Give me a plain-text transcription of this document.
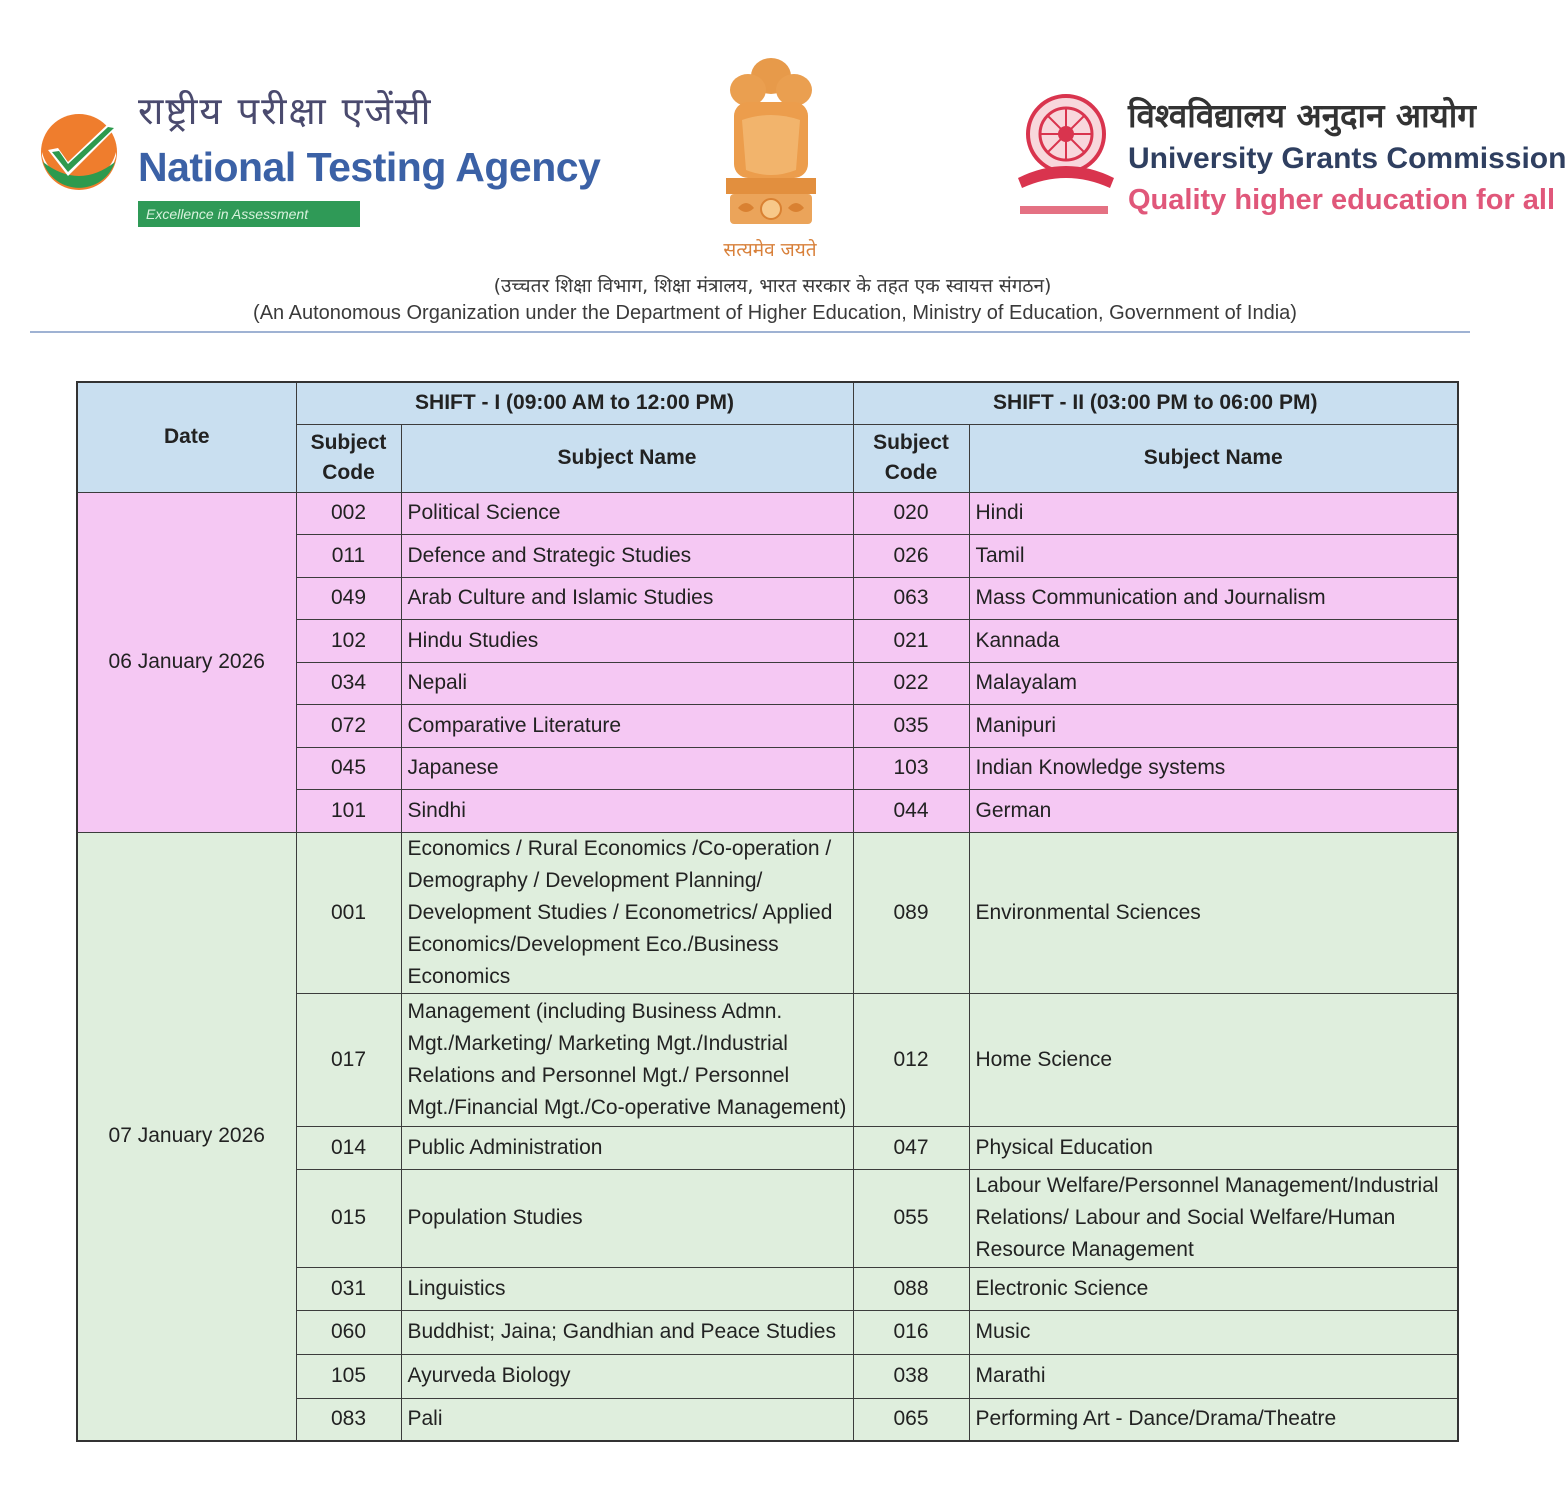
राष्ट्रीय परीक्षा एजेंसी
National Testing Agency
Excellence in Assessment
सत्यमेव जयते
विश्वविद्यालय अनुदान आयोग
University Grants Commission
Quality higher education for all
(उच्चतर शिक्षा विभाग, शिक्षा मंत्रालय, भारत सरकार के तहत एक स्वायत्त संगठन)
(An Autonomous Organization under the Department of Higher Education, Ministry of Education, Government of India)
Date	SHIFT - I (09:00 AM to 12:00 PM)		SHIFT - II (03:00 PM to 06:00 PM)	
	Subject Code	Subject Name	Subject Code	Subject Name
06 January 2026	002	Political Science	020	Hindi
	011	Defence and Strategic Studies	026	Tamil
	049	Arab Culture and Islamic Studies	063	Mass Communication and Journalism
	102	Hindu Studies	021	Kannada
	034	Nepali	022	Malayalam
	072	Comparative Literature	035	Manipuri
	045	Japanese	103	Indian Knowledge systems
	101	Sindhi	044	German
07 January 2026	001	Economics / Rural Economics /Co-operation / Demography / Development Planning/ Development Studies / Econometrics/ Applied Economics/Development Eco./Business Economics	089	Environmental Sciences
	017	Management (including Business Admn. Mgt./Marketing/ Marketing Mgt./Industrial Relations and Personnel Mgt./ Personnel Mgt./Financial Mgt./Co-operative Management)	012	Home Science
	014	Public Administration	047	Physical Education
	015	Population Studies	055	Labour Welfare/Personnel Management/Industrial Relations/ Labour and Social Welfare/Human Resource Management
	031	Linguistics	088	Electronic Science
	060	Buddhist; Jaina; Gandhian and Peace Studies	016	Music
	105	Ayurveda Biology	038	Marathi
	083	Pali	065	Performing Art - Dance/Drama/Theatre
